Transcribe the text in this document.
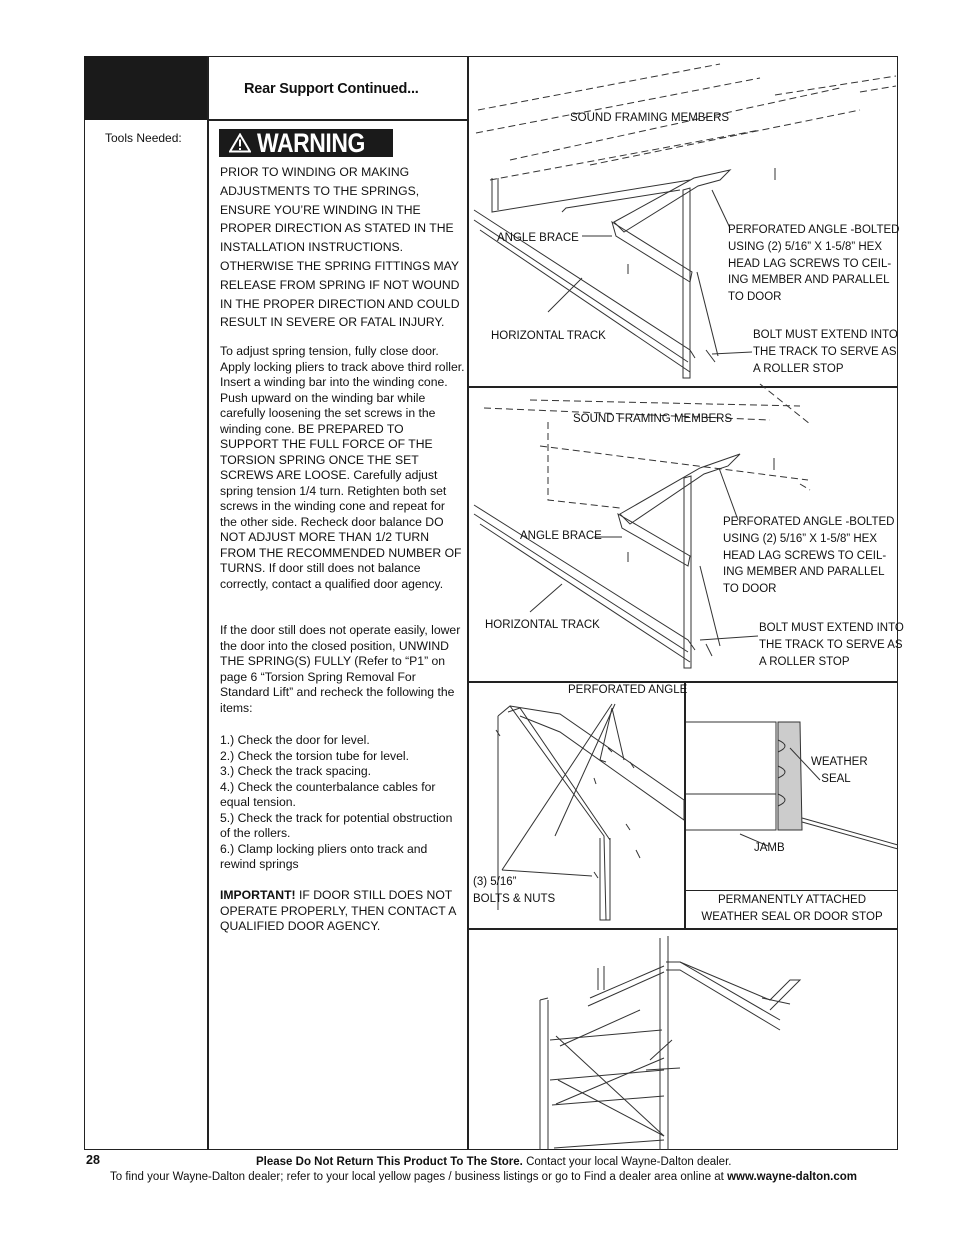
Rear Support Continued...
Tools Needed:	WARNING
PRIOR TO WINDING OR MAKING
ADJUSTMENTS TO THE SPRINGS,
ENSURE YOU’RE WINDING IN THE
PROPER DIRECTION AS STATED IN THE
INSTALLATION INSTRUCTIONS.
OTHERWISE THE SPRING FITTINGS MAY
RELEASE FROM SPRING IF NOT WOUND
IN THE PROPER DIRECTION AND COULD
RESULT IN SEVERE OR FATAL INJURY.
To adjust spring tension, fully close door. Apply locking pliers to track above third roller. Insert a winding bar into the winding cone. Push upward on the winding bar while carefully loosening the set screws in the winding cone. BE PREPARED TO SUPPORT THE FULL FORCE OF THE TORSION SPRING ONCE THE SET SCREWS ARE LOOSE. Carefully adjust spring tension 1/4 turn. Retighten both set screws in the winding cone and repeat for the other side. Recheck door balance DO NOT ADJUST MORE THAN 1/2 TURN FROM THE RECOMMENDED NUMBER OF TURNS. If door still does not balance correctly, contact a qualified door agency.
If the door still does not operate easily, lower the door into the closed position, UNWIND THE SPRING(S) FULLY (Refer to “P1” on page 6 “Torsion Spring Removal For Standard Lift” and recheck the following the items:
1.) Check the door for level.
2.) Check the torsion tube for level.
3.) Check the track spacing.
4.) Check the counterbalance cables for equal tension.
5.) Check the track for potential obstruction of the rollers.
6.) Clamp locking pliers onto track and rewind springs
IMPORTANT! IF DOOR STILL DOES NOT OPERATE PROPERLY, THEN CONTACT A QUALIFIED DOOR AGENCY.
SOUND FRAMING MEMBERS
ANGLE BRACE
PERFORATED ANGLE -BOLTED
USING (2) 5/16” X 1-5/8” HEX
HEAD LAG SCREWS TO CEIL-
ING MEMBER AND PARALLEL
TO DOOR
HORIZONTAL TRACK	BOLT MUST EXTEND INTO
THE TRACK TO SERVE AS
A ROLLER STOP
SOUND FRAMING MEMBERS
ANGLE BRACE
PERFORATED ANGLE -BOLTED
USING (2) 5/16” X 1-5/8” HEX
HEAD LAG SCREWS TO CEIL-
ING MEMBER AND PARALLEL
TO DOOR
HORIZONTAL TRACK	BOLT MUST EXTEND INTO
THE TRACK TO SERVE AS
A ROLLER STOP
PERFORATED ANGLE
(3) 5/16”
BOLTS & NUTS
WEATHER
SEAL
JAMB
PERMANENTLY ATTACHED
WEATHER SEAL OR DOOR STOP
28	Please Do Not Return This Product To The Store. Contact your local Wayne-Dalton dealer.
To find your Wayne-Dalton dealer; refer to your local yellow pages / business listings or go to Find a dealer area online at www.wayne-dalton.com
